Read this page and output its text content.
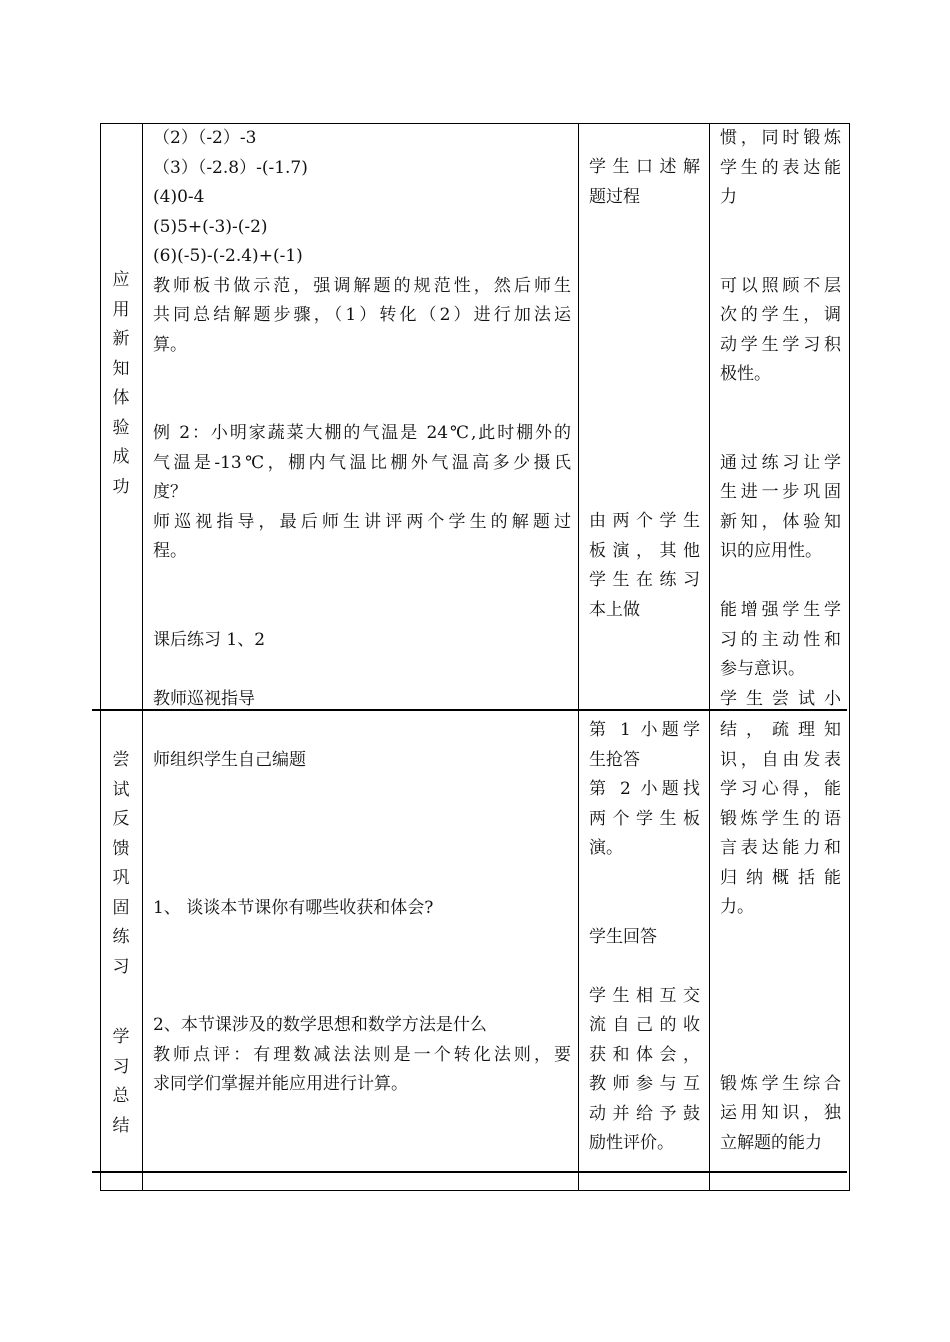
应用新知体验成功

（2）（-2）-3

（3）（-2.8）-(-1.7)

(4)0-4

(5)5+(-3)-(-2)

(6)(-5)-(-2.4)+(-1)

教师板书做示范，强调解题的规范性，然后师生

共同总结解题步骤，（1）转化（2）进行加法运

算。

例 2：小明家蔬菜大棚的气温是 24℃,此时棚外的

气温是-13℃，棚内气温比棚外气温高多少摄氏

度？

师巡视指导，最后师生讲评两个学生的解题过

程。

课后练习 1、2

教师巡视指导

学生口述解

题过程

由两个学生

板演，其他

学生在练习

本上做

惯，同时锻炼

学生的表达能

力

可以照顾不层

次的学生，调

动学生学习积

极性。

通过练习让学

生进一步巩固

新知，体验知

识的应用性。

能增强学生学

习的主动性和

参与意识。

学生尝试小

尝试反馈巩固练习
学习总结

师组织学生自己编题

1、 谈谈本节课你有哪些收获和体会?

2、本节课涉及的数学思想和数学方法是什么

教师点评：有理数减法法则是一个转化法则，要

求同学们掌握并能应用进行计算。

第 1 小题学

生抢答

第 2 小题找

两个学生板

演。

学生回答

学生相互交

流自己的收

获和体会，

教师参与互

动并给予鼓

励性评价。

结，疏理知

识，自由发表

学习心得，能

锻炼学生的语

言表达能力和

归纳概括能

力。

锻炼学生综合

运用知识，独

立解题的能力
